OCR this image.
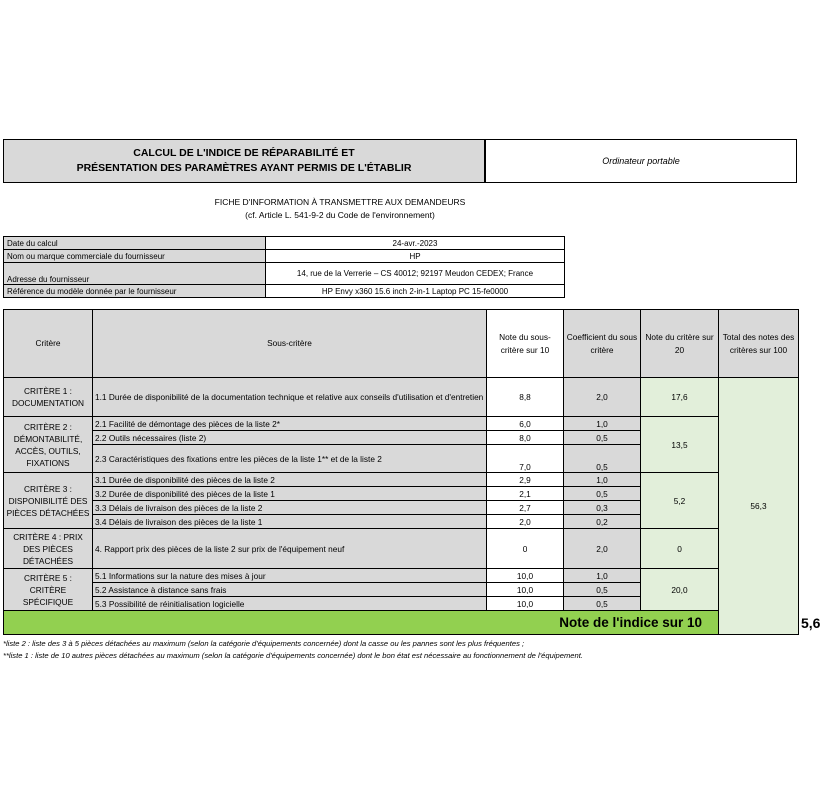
CALCUL DE L'INDICE DE RÉPARABILITÉ ET
PRÉSENTATION DES PARAMÈTRES AYANT PERMIS DE L'ÉTABLIR
Ordinateur portable
FICHE D'INFORMATION À TRANSMETTRE AUX DEMANDEURS
(cf. Article L. 541-9-2 du Code de l'environnement)
Date du calcul	24-avr.-2023
Nom ou marque commerciale du fournisseur	HP
Adresse du fournisseur	14, rue de la Verrerie – CS 40012; 92197 Meudon CEDEX; France
Référence du modèle donnée par le fournisseur	HP Envy x360 15.6 inch 2-in-1 Laptop PC 15-fe0000
Critère	Sous-critère	Note du sous-critère sur 10	Coefficient du sous critère	Note du critère sur 20	Total des notes des critères sur 100	
CRITÈRE 1 : DOCUMENTATION	1.1 Durée de disponibilité de la documentation technique et relative aux conseils d'utilisation et d'entretien	8,8	2,0	17,6	56,3	
CRITÈRE 2 : DÉMONTABILITÉ, ACCÈS, OUTILS, FIXATIONS	2.1 Facilité de démontage des pièces de la liste 2*	6,0	1,0	13,5		
	2.2 Outils nécessaires (liste 2)	8,0	0,5			
	2.3 Caractéristiques des fixations entre les pièces de la liste 1** et de la liste 2	7,0	0,5			
CRITÈRE 3 : DISPONIBILITÉ DES PIÈCES DÉTACHÉES	3.1 Durée de disponibilité des pièces de la liste 2	2,9	1,0	5,2		
	3.2 Durée de disponibilité des pièces de la liste 1	2,1	0,5			
	3.3 Délais de livraison des pièces de la liste 2	2,7	0,3			
	3.4 Délais de livraison des pièces de la liste 1	2,0	0,2			
CRITÈRE 4 : PRIX DES PIÈCES DÉTACHÉES	4. Rapport prix des pièces de la liste 2 sur prix de l'équipement neuf	0	2,0	0		
CRITÈRE 5 : CRITÈRE SPÉCIFIQUE	5.1 Informations sur la nature des mises à jour	10,0	1,0	20,0		
	5.2 Assistance à distance sans frais	10,0	0,5			
	5.3 Possibilité de réinitialisation logicielle	10,0	0,5			
Note de l'indice sur 10						5,6
*liste 2 : liste des 3 à 5 pièces détachées au maximum (selon la catégorie d'équipements concernée) dont la casse ou les pannes sont les plus fréquentes ;
**liste 1 : liste de 10 autres pièces détachées au maximum (selon la catégorie d'équipements concernée) dont le bon état est nécessaire au fonctionnement de l'équipement.
